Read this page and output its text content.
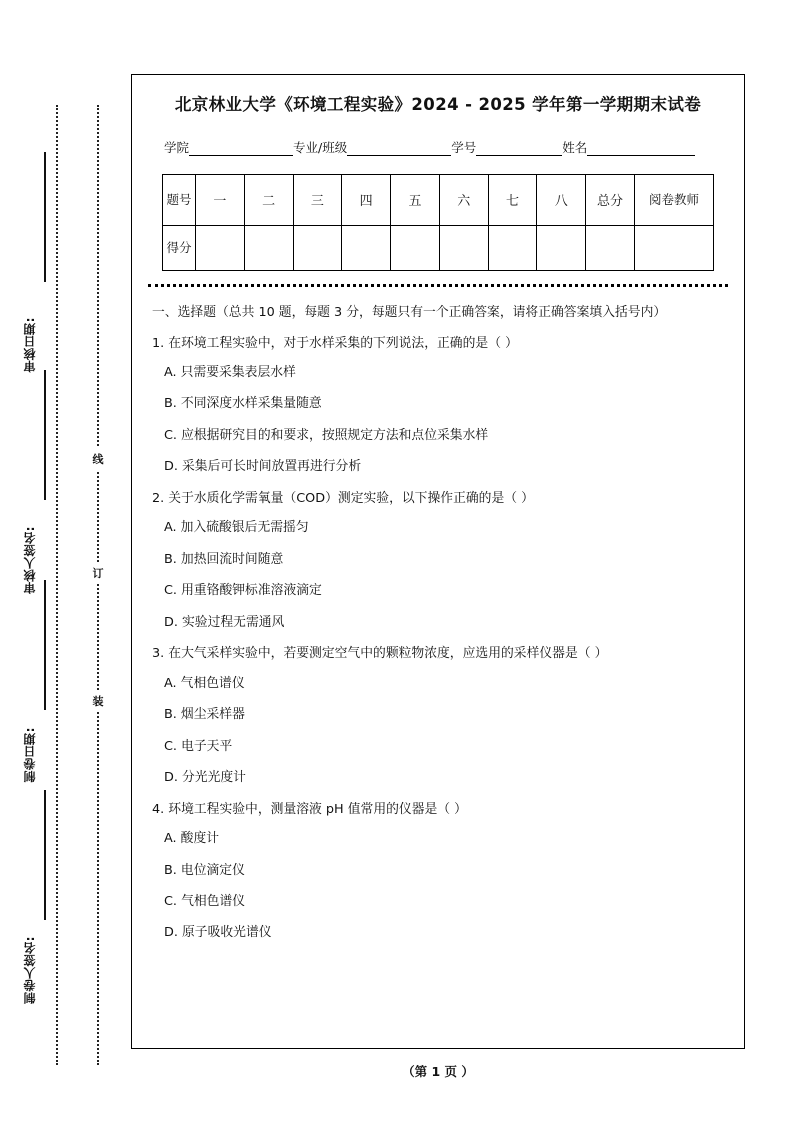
审核日期:
审核人签名:
制卷日期:
制卷人签名:
线
订
装
北京林业大学《环境工程实验》2024 - 2025 学年第一学期期末试卷
学院	专业/班级	学号	姓名
题号	一	二	三	四	五	六	七	八	总分	阅卷教师
得分										
一、选择题（总共 10 题，每题 3 分，每题只有一个正确答案，请将正确答案填入括号内）
1. 在环境工程实验中，对于水样采集的下列说法，正确的是（ ）
A. 只需要采集表层水样
B. 不同深度水样采集量随意
C. 应根据研究目的和要求，按照规定方法和点位采集水样
D. 采集后可长时间放置再进行分析
2. 关于水质化学需氧量（COD）测定实验，以下操作正确的是（ ）
A. 加入硫酸银后无需摇匀
B. 加热回流时间随意
C. 用重铬酸钾标准溶液滴定
D. 实验过程无需通风
3. 在大气采样实验中，若要测定空气中的颗粒物浓度，应选用的采样仪器是（ ）
A. 气相色谱仪
B. 烟尘采样器
C. 电子天平
D. 分光光度计
4. 环境工程实验中，测量溶液 pH 值常用的仪器是（ ）
A. 酸度计
B. 电位滴定仪
C. 气相色谱仪
D. 原子吸收光谱仪
（第 1 页 ）
